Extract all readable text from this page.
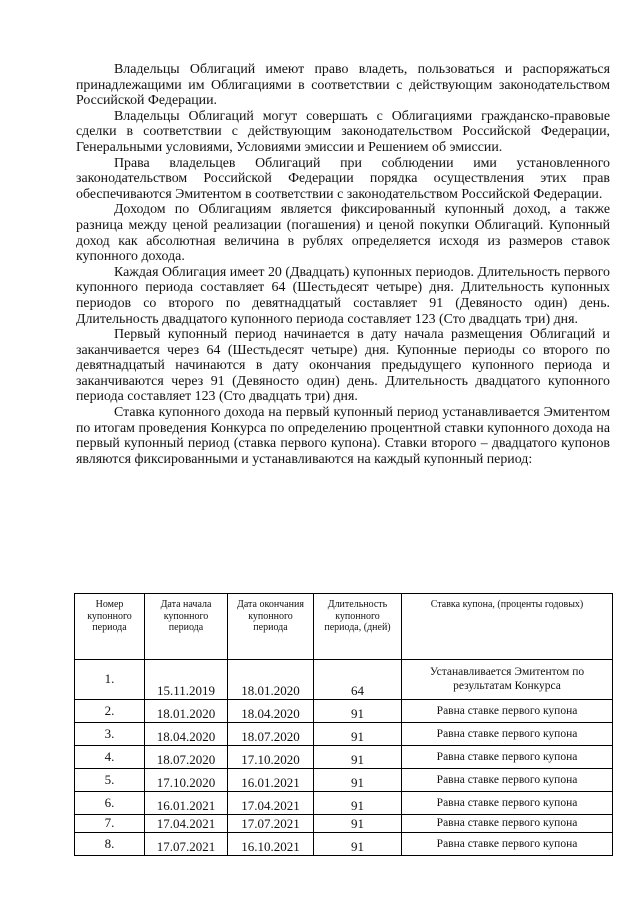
Владельцы Облигаций имеют право владеть, пользоваться и распоряжаться принадлежащими им Облигациями в соответствии с действующим законодательством Российской Федерации.

Владельцы Облигаций могут совершать с Облигациями гражданско-правовые сделки в соответствии с действующим законодательством Российской Федерации, Генеральными условиями, Условиями эмиссии и Решением об эмиссии.

Права владельцев Облигаций при соблюдении ими установленного законодательством Российской Федерации порядка осуществления этих прав обеспечиваются Эмитентом в соответствии с законодательством Российской Федерации.

Доходом по Облигациям является фиксированный купонный доход, а также разница между ценой реализации (погашения) и ценой покупки Облигаций. Купонный доход как абсолютная величина в рублях определяется исходя из размеров ставок купонного дохода.

Каждая Облигация имеет 20 (Двадцать) купонных периодов. Длительность первого купонного периода составляет 64 (Шестьдесят четыре) дня. Длительность купонных периодов со второго по девятнадцатый составляет 91 (Девяносто один) день. Длительность двадцатого купонного периода составляет 123 (Сто двадцать три) дня.

Первый купонный период начинается в дату начала размещения Облигаций и заканчивается через 64 (Шестьдесят четыре) дня. Купонные периоды со второго по девятнадцатый начинаются в дату окончания предыдущего купонного периода и заканчиваются через 91 (Девяносто один) день. Длительность двадцатого купонного периода составляет 123 (Сто двадцать три) дня.

Ставка купонного дохода на первый купонный период устанавливается Эмитентом по итогам проведения Конкурса по определению процентной ставки купонного дохода на первый купонный период (ставка первого купона). Ставки второго – двадцатого купонов являются фиксированными и устанавливаются на каждый купонный период:

Номер купонного периода	Дата начала купонного периода	Дата окончания купонного периода	Длительность купонного периода, (дней)	Ставка купона, (проценты годовых)
1.	15.11.2019	18.01.2020	64	Устанавливается Эмитентом по результатам Конкурса
2.	18.01.2020	18.04.2020	91	Равна ставке первого купона
3.	18.04.2020	18.07.2020	91	Равна ставке первого купона
4.	18.07.2020	17.10.2020	91	Равна ставке первого купона
5.	17.10.2020	16.01.2021	91	Равна ставке первого купона
6.	16.01.2021	17.04.2021	91	Равна ставке первого купона
7.	17.04.2021	17.07.2021	91	Равна ставке первого купона
8.	17.07.2021	16.10.2021	91	Равна ставке первого купона
